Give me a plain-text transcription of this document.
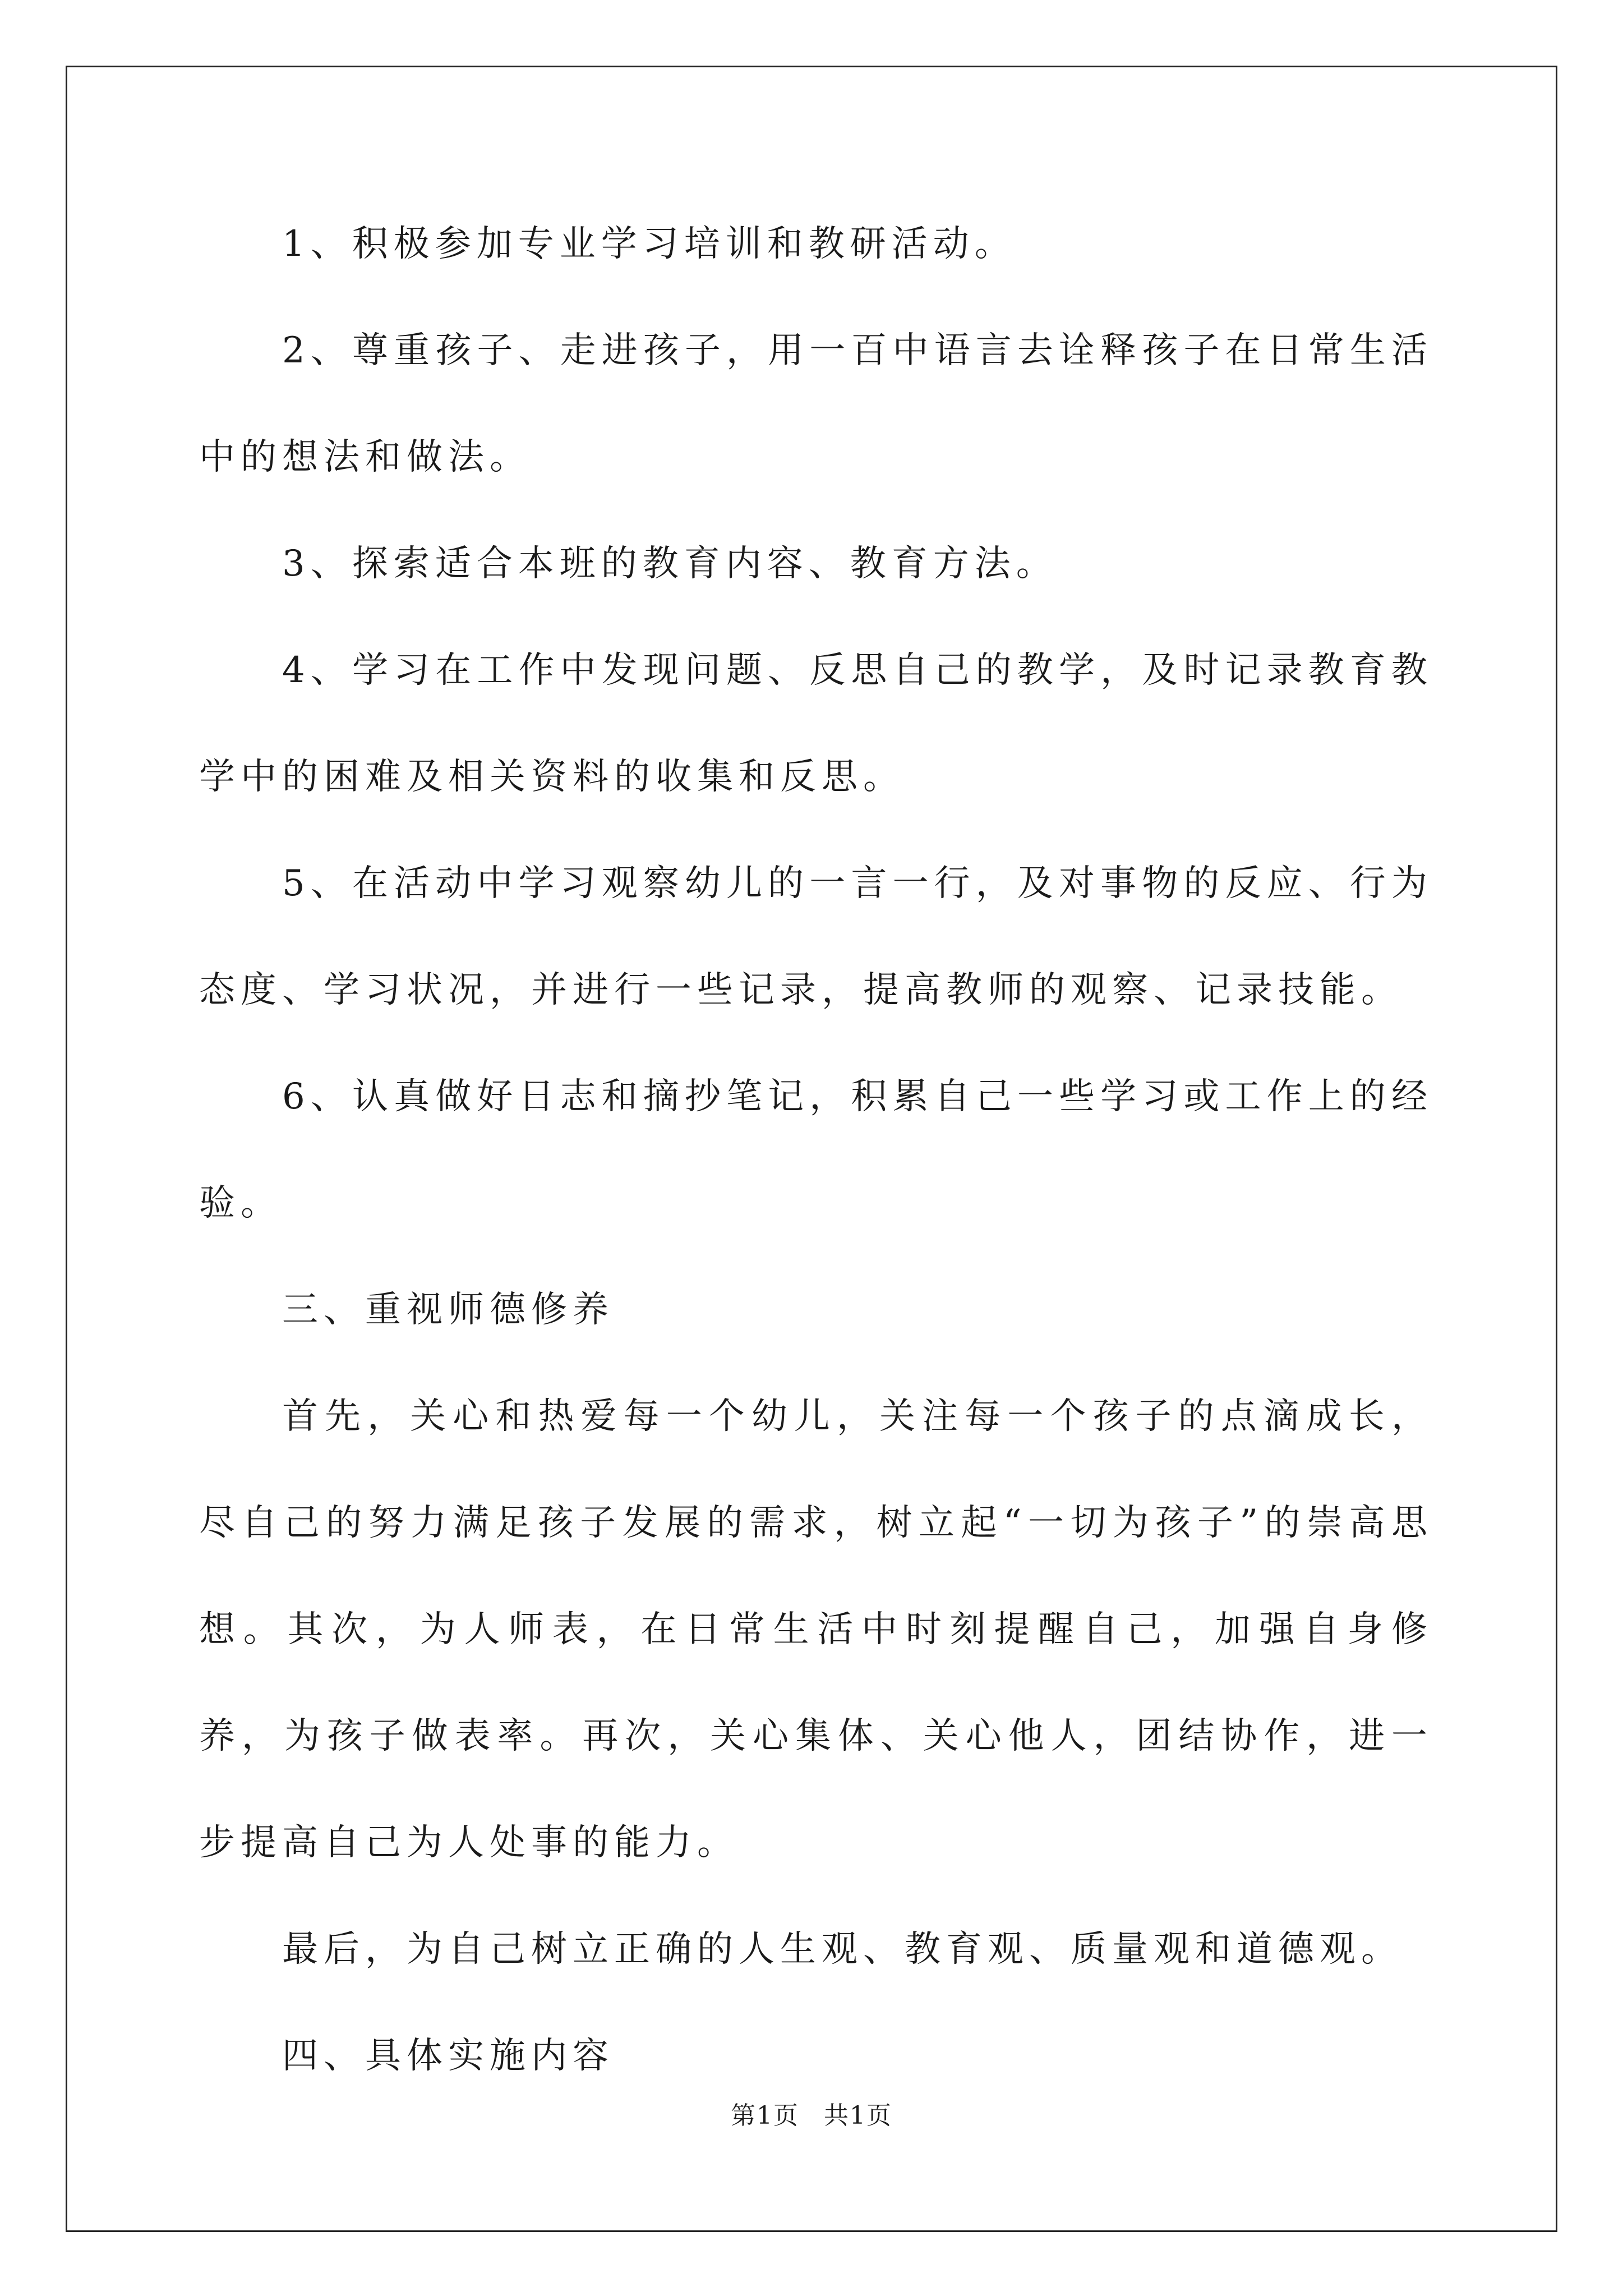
1、积极参加专业学习培训和教研活动。

2、尊重孩子、走进孩子，用一百中语言去诠释孩子在日常生活中的想法和做法。

3、探索适合本班的教育内容、教育方法。

4、学习在工作中发现问题、反思自己的教学，及时记录教育教学中的困难及相关资料的收集和反思。

5、在活动中学习观察幼儿的一言一行，及对事物的反应、行为态度、学习状况，并进行一些记录，提高教师的观察、记录技能。

6、认真做好日志和摘抄笔记，积累自己一些学习或工作上的经验。

三、重视师德修养

首先，关心和热爱每一个幼儿，关注每一个孩子的点滴成长，尽自己的努力满足孩子发展的需求，树立起“一切为孩子”的崇高思想。其次，为人师表，在日常生活中时刻提醒自己，加强自身修养，为孩子做表率。再次，关心集体、关心他人，团结协作，进一步提高自己为人处事的能力。

最后，为自己树立正确的人生观、教育观、质量观和道德观。

四、具体实施内容

第1页 共1页
